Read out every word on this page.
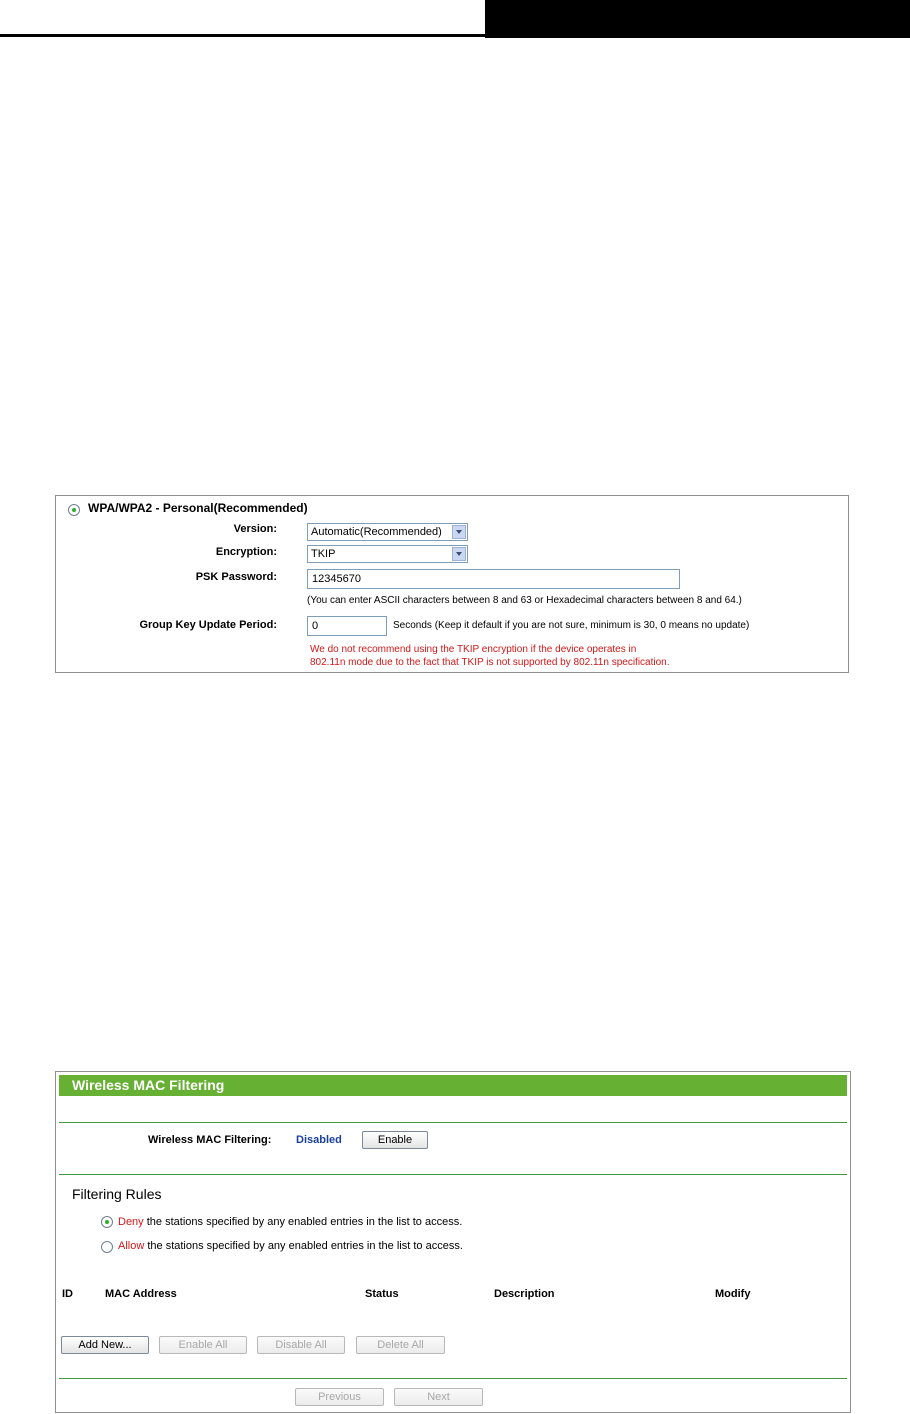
WPA/WPA2 - Personal(Recommended)
Version:	Automatic(Recommended)
Encryption:	TKIP
PSK Password:	12345670
(You can enter ASCII characters between 8 and 63 or Hexadecimal characters between 8 and 64.)
Group Key Update Period:	0	Seconds (Keep it default if you are not sure, minimum is 30, 0 means no update)
We do not recommend using the TKIP encryption if the device operates in
802.11n mode due to the fact that TKIP is not supported by 802.11n specification.
Wireless MAC Filtering
Wireless MAC Filtering: Disabled	Enable
Filtering Rules
Deny the stations specified by any enabled entries in the list to access.
Allow the stations specified by any enabled entries in the list to access.
ID	MAC Address	Status	Description	Modify
Add New...	Enable All	Disable All	Delete All
Previous	Next
